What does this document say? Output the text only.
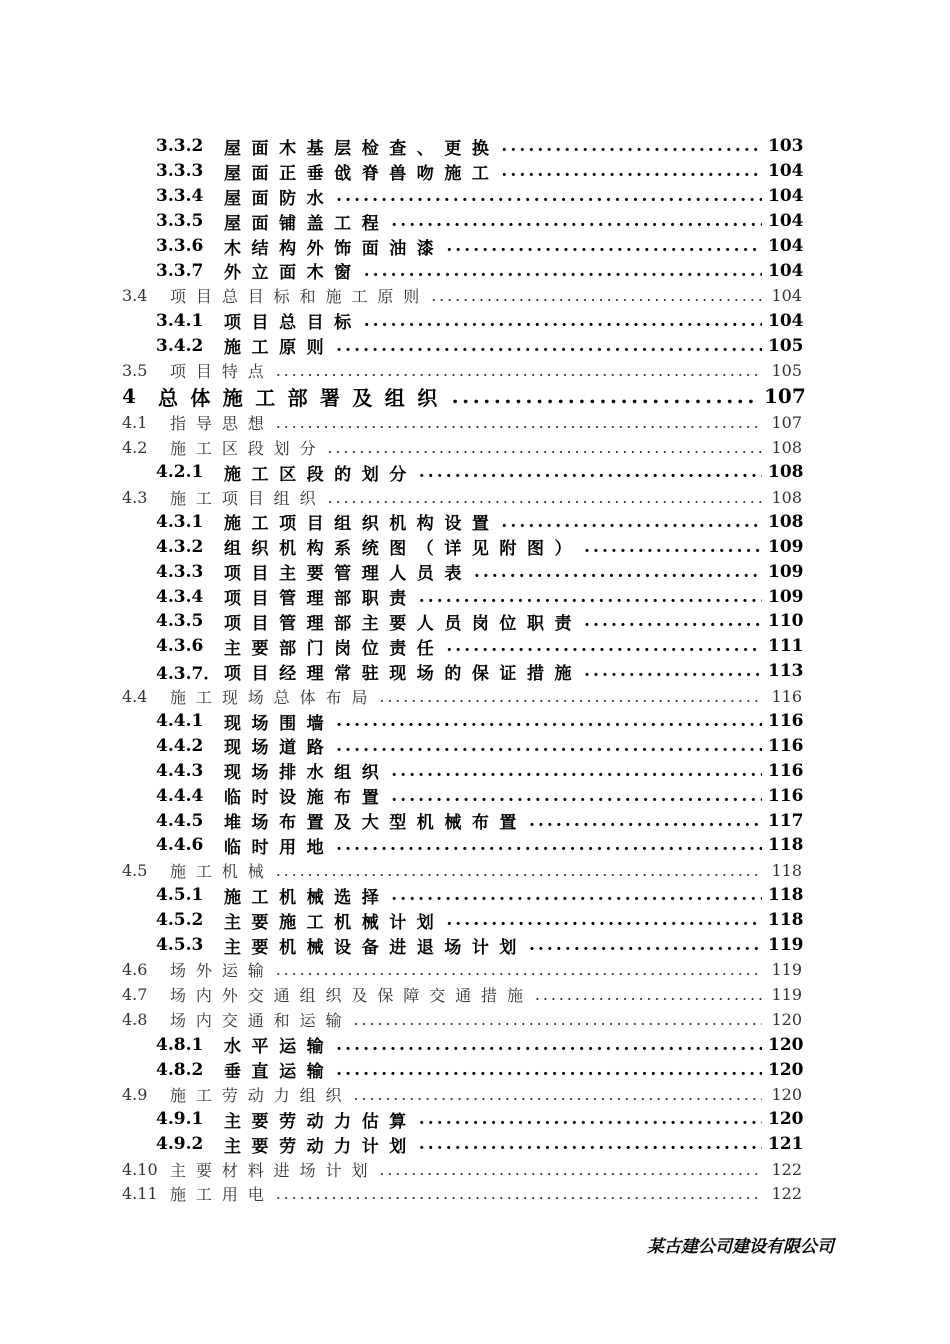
3.3.2	屋面木基层检查、更换 .....	103
3.3.3	屋面正垂戗脊兽吻施工 .....	104
3.3.4	屋面防水 .....	104
3.3.5	屋面铺盖工程 .....	104
3.3.6	木结构外饰面油漆 .....	104
3.3.7	外立面木窗 .....	104
3.4	项目总目标和施工原则 .....	104
3.4.1	项目总目标 .....	104
3.4.2	施工原则 .....	105
3.5	项目特点 .....	105
4	总体施工部署及组织 .....	107
4.1	指导思想 .....	107
4.2	施工区段划分 .....	108
4.2.1	施工区段的划分 .....	108
4.3	施工项目组织 .....	108
4.3.1	施工项目组织机构设置 .....	108
4.3.2	组织机构系统图（详见附图） .....	109
4.3.3	项目主要管理人员表 .....	109
4.3.4	项目管理部职责 .....	109
4.3.5	项目管理部主要人员岗位职责 .....	110
4.3.6	主要部门岗位责任 .....	111
4.3.7． 项目经理常驻现场的保证措施 .....	113
4.4	施工现场总体布局 .....	116
4.4.1	现场围墙 .....	116
4.4.2	现场道路 .....	116
4.4.3	现场排水组织 .....	116
4.4.4	临时设施布置 .....	116
4.4.5	堆场布置及大型机械布置 .....	117
4.4.6	临时用地 .....	118
4.5	施工机械 .....	118
4.5.1	施工机械选择 .....	118
4.5.2	主要施工机械计划 .....	118
4.5.3	主要机械设备进退场计划 .....	119
4.6	场外运输 .....	119
4.7	场内外交通组织及保障交通措施 .....	119
4.8	场内交通和运输 .....	120
4.8.1	水平运输 .....	120
4.8.2	垂直运输 .....	120
4.9	施工劳动力组织 .....	120
4.9.1	主要劳动力估算 .....	120
4.9.2	主要劳动力计划 .....	121
4.10 主要材料进场计划 .....	122
4.11 施工用电 .....	122
某古建公司建设有限公司
